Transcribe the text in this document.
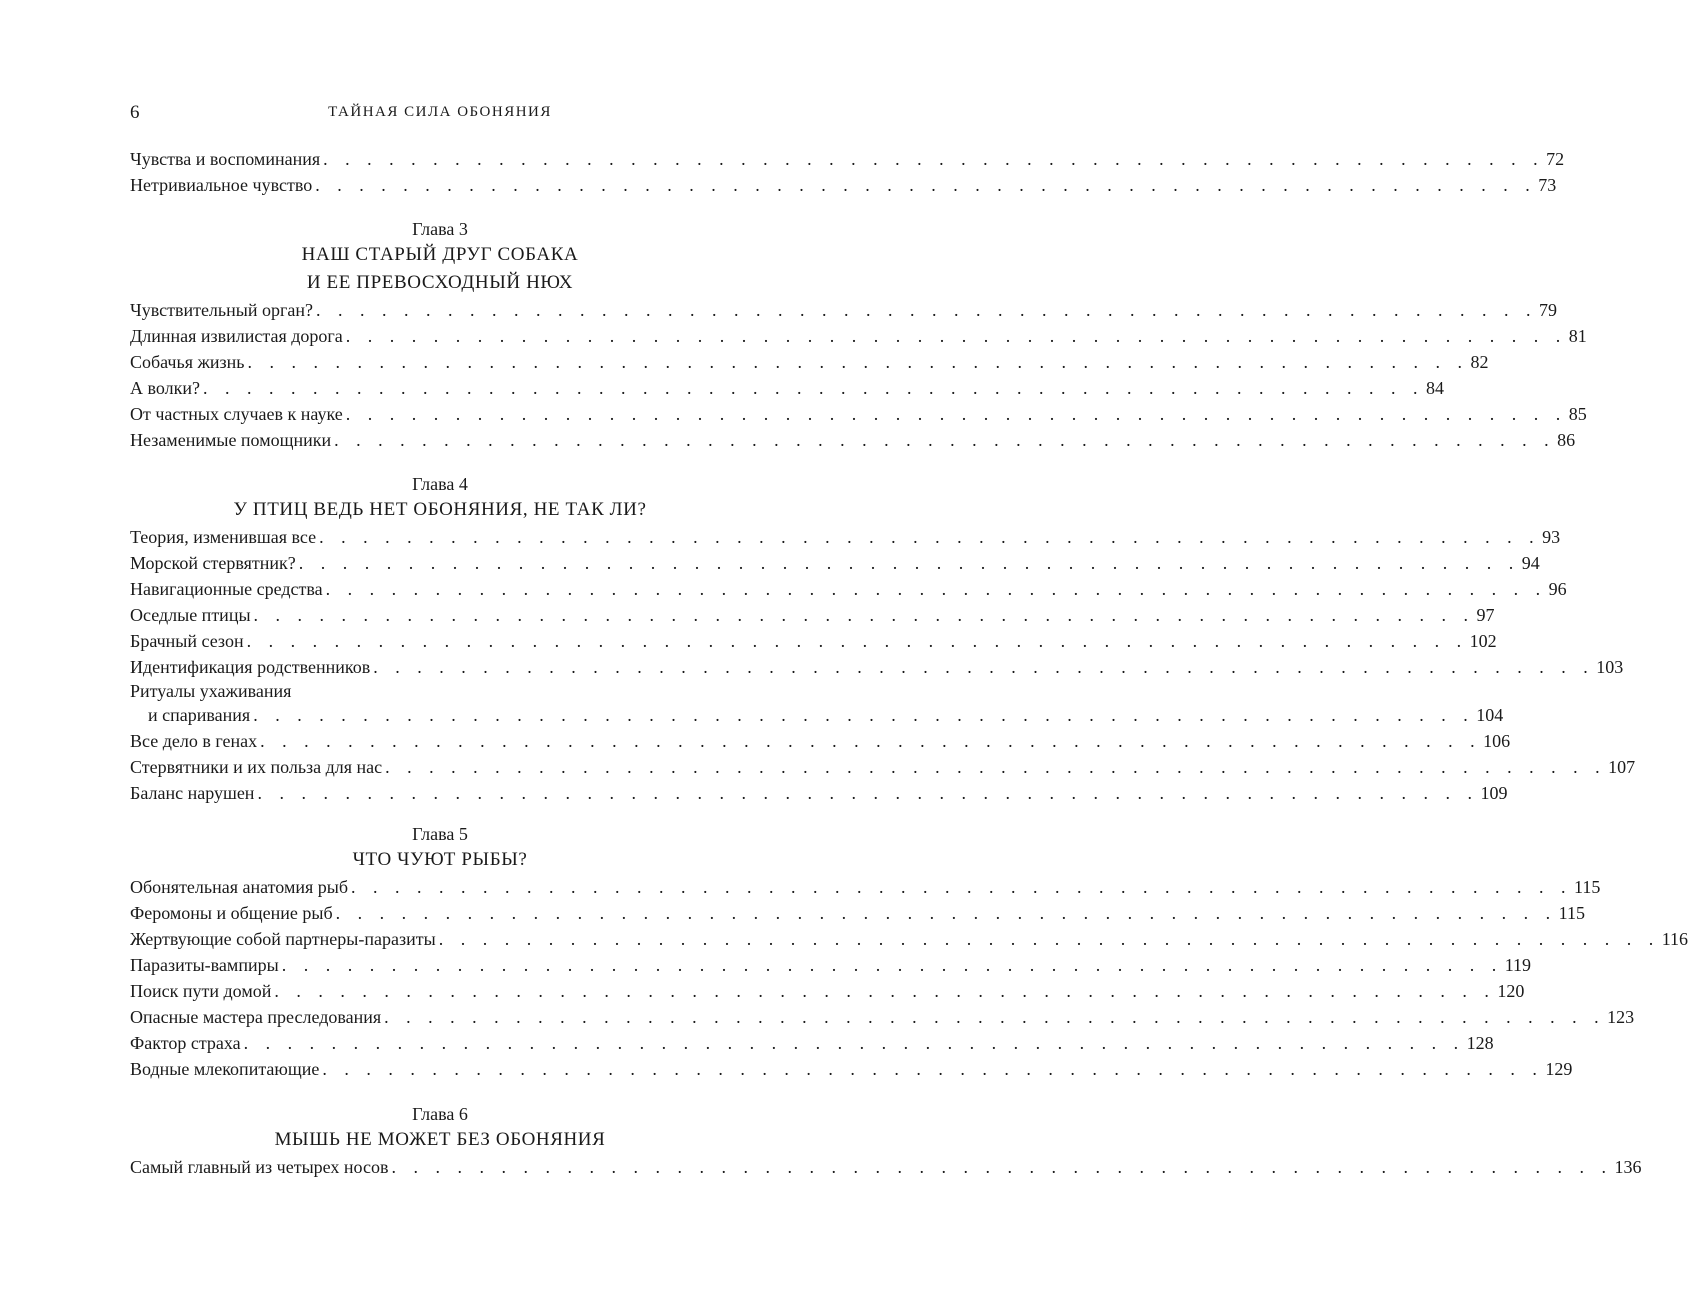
6	ТАЙНАЯ СИЛА ОБОНЯНИЯ
Чувства и воспоминания . . . . . . . . . . . . . . . . . . . . . . . . . . . . . . . . . . . . . . . . . . . . . . . . . . . . . . . . 72
Нетривиальное чувство . . . . . . . . . . . . . . . . . . . . . . . . . . . . . . . . . . . . . . . . . . . . . . . . . . . . . . . . 73
Глава 3
НАШ СТАРЫЙ ДРУГ СОБАКА
И ЕЕ ПРЕВОСХОДНЫЙ НЮХ
Чувствительный орган? . . . . . . . . . . . . . . . . . . . . . . . . . . . . . . . . . . . . . . . . . . . . . . . . . . . . . . . . 79
Длинная извилистая дорога . . . . . . . . . . . . . . . . . . . . . . . . . . . . . . . . . . . . . . . . . . . . . . . . . . . . . . . . 81
Собачья жизнь . . . . . . . . . . . . . . . . . . . . . . . . . . . . . . . . . . . . . . . . . . . . . . . . . . . . . . . . 82
А волки? . . . . . . . . . . . . . . . . . . . . . . . . . . . . . . . . . . . . . . . . . . . . . . . . . . . . . . . . 84
От частных случаев к науке . . . . . . . . . . . . . . . . . . . . . . . . . . . . . . . . . . . . . . . . . . . . . . . . . . . . . . . . 85
Незаменимые помощники . . . . . . . . . . . . . . . . . . . . . . . . . . . . . . . . . . . . . . . . . . . . . . . . . . . . . . . . 86
Глава 4
У ПТИЦ ВЕДЬ НЕТ ОБОНЯНИЯ, НЕ ТАК ЛИ?
Теория, изменившая все . . . . . . . . . . . . . . . . . . . . . . . . . . . . . . . . . . . . . . . . . . . . . . . . . . . . . . . . 93
Морской стервятник? . . . . . . . . . . . . . . . . . . . . . . . . . . . . . . . . . . . . . . . . . . . . . . . . . . . . . . . . 94
Навигационные средства . . . . . . . . . . . . . . . . . . . . . . . . . . . . . . . . . . . . . . . . . . . . . . . . . . . . . . . . 96
Оседлые птицы . . . . . . . . . . . . . . . . . . . . . . . . . . . . . . . . . . . . . . . . . . . . . . . . . . . . . . . . 97
Брачный сезон . . . . . . . . . . . . . . . . . . . . . . . . . . . . . . . . . . . . . . . . . . . . . . . . . . . . . . . . 102
Идентификация родственников . . . . . . . . . . . . . . . . . . . . . . . . . . . . . . . . . . . . . . . . . . . . . . . . . . . . . . . . 103
Ритуалы ухаживания
и спаривания . . . . . . . . . . . . . . . . . . . . . . . . . . . . . . . . . . . . . . . . . . . . . . . . . . . . . . . . 104
Все дело в генах . . . . . . . . . . . . . . . . . . . . . . . . . . . . . . . . . . . . . . . . . . . . . . . . . . . . . . . . 106
Стервятники и их польза для нас . . . . . . . . . . . . . . . . . . . . . . . . . . . . . . . . . . . . . . . . . . . . . . . . . . . . . . . . 107
Баланс нарушен . . . . . . . . . . . . . . . . . . . . . . . . . . . . . . . . . . . . . . . . . . . . . . . . . . . . . . . . 109
Глава 5
ЧТО ЧУЮТ РЫБЫ?
Обонятельная анатомия рыб . . . . . . . . . . . . . . . . . . . . . . . . . . . . . . . . . . . . . . . . . . . . . . . . . . . . . . . . 115
Феромоны и общение рыб . . . . . . . . . . . . . . . . . . . . . . . . . . . . . . . . . . . . . . . . . . . . . . . . . . . . . . . . 115
Жертвующие собой партнеры-паразиты . . . . . . . . . . . . . . . . . . . . . . . . . . . . . . . . . . . . . . . . . . . . . . . . . . . . . . . . 116
Паразиты-вампиры . . . . . . . . . . . . . . . . . . . . . . . . . . . . . . . . . . . . . . . . . . . . . . . . . . . . . . . . 119
Поиск пути домой . . . . . . . . . . . . . . . . . . . . . . . . . . . . . . . . . . . . . . . . . . . . . . . . . . . . . . . . 120
Опасные мастера преследования . . . . . . . . . . . . . . . . . . . . . . . . . . . . . . . . . . . . . . . . . . . . . . . . . . . . . . . . 123
Фактор страха . . . . . . . . . . . . . . . . . . . . . . . . . . . . . . . . . . . . . . . . . . . . . . . . . . . . . . . . 128
Водные млекопитающие . . . . . . . . . . . . . . . . . . . . . . . . . . . . . . . . . . . . . . . . . . . . . . . . . . . . . . . . 129
Глава 6
МЫШЬ НЕ МОЖЕТ БЕЗ ОБОНЯНИЯ
Самый главный из четырех носов . . . . . . . . . . . . . . . . . . . . . . . . . . . . . . . . . . . . . . . . . . . . . . . . . . . . . . . . 136
